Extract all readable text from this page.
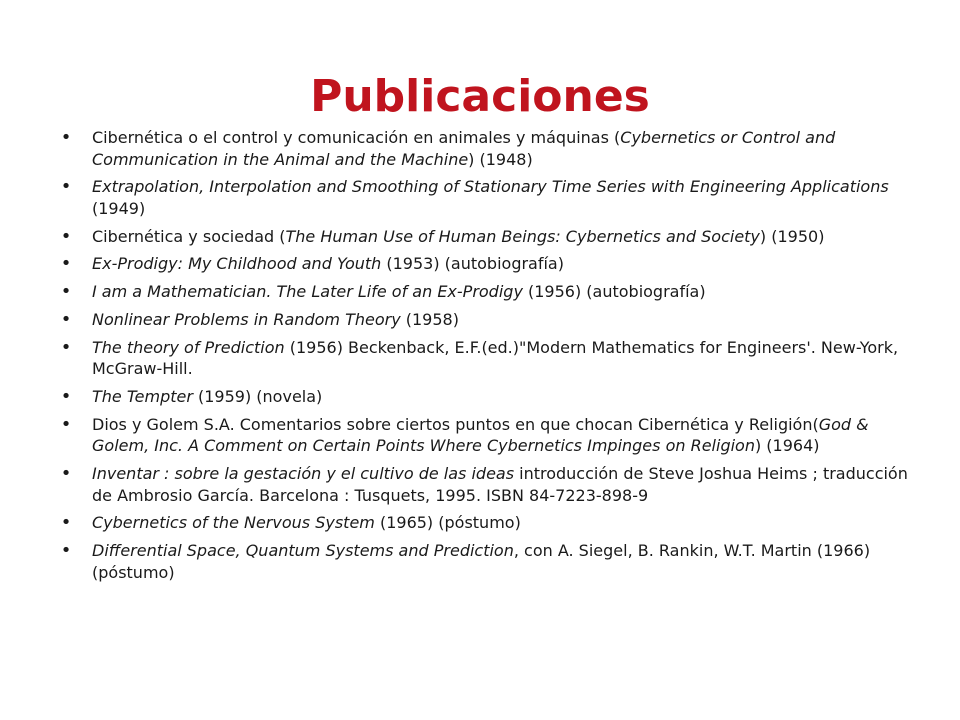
Publicaciones
• Cibernética o el control y comunicación en animales y máquinas (Cybernetics or Control and Communication in the Animal and the Machine) (1948)
• Extrapolation, Interpolation and Smoothing of Stationary Time Series with Engineering Applications (1949)
• Cibernética y sociedad (The Human Use of Human Beings: Cybernetics and Society) (1950)
• Ex-Prodigy: My Childhood and Youth (1953) (autobiografía)
• I am a Mathematician. The Later Life of an Ex-Prodigy (1956) (autobiografía)
• Nonlinear Problems in Random Theory (1958)
• The theory of Prediction (1956) Beckenback, E.F.(ed.)"Modern Mathematics for Engineers'. New-York, McGraw-Hill.
• The Tempter (1959) (novela)
• Dios y Golem S.A. Comentarios sobre ciertos puntos en que chocan Cibernética y Religión(God & Golem, Inc. A Comment on Certain Points Where Cybernetics Impinges on Religion) (1964)
• Inventar : sobre la gestación y el cultivo de las ideas introducción de Steve Joshua Heims ; traducción de Ambrosio García. Barcelona : Tusquets, 1995. ISBN 84-7223-898-9
• Cybernetics of the Nervous System (1965) (póstumo)
• Differential Space, Quantum Systems and Prediction, con A. Siegel, B. Rankin, W.T. Martin (1966) (póstumo)
